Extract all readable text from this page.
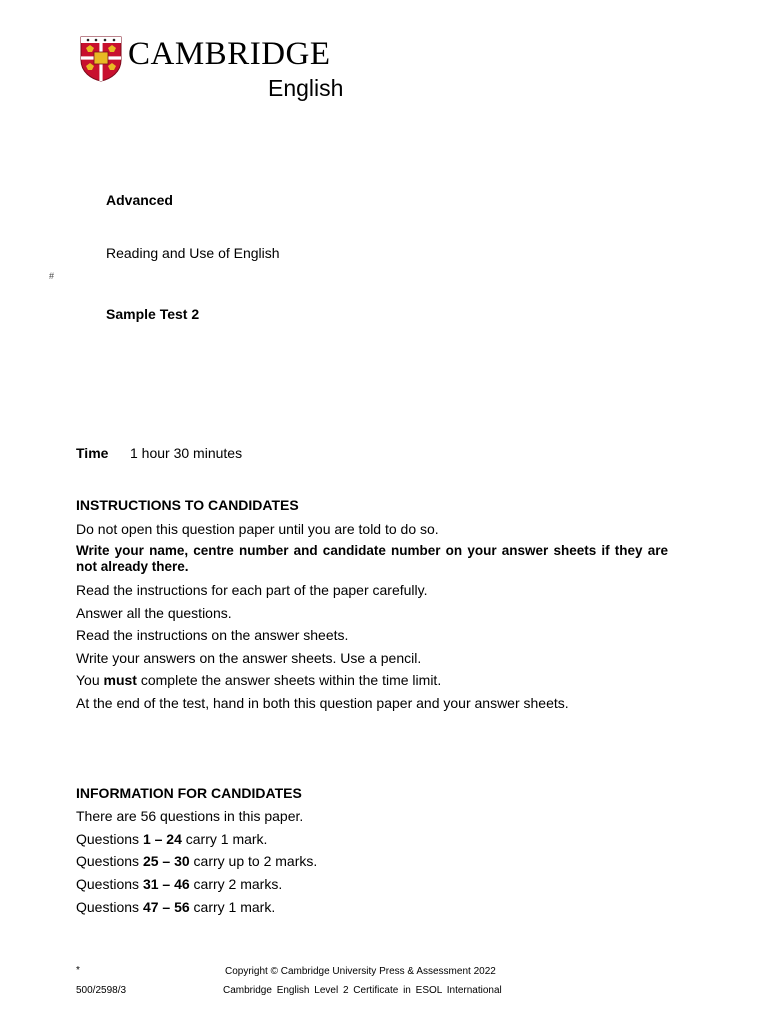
CAMBRIDGE
English
Advanced
Reading and Use of English
#
Sample Test 2
Time 1 hour 30 minutes
INSTRUCTIONS TO CANDIDATES
Do not open this question paper until you are told to do so.
Write your name, centre number and candidate number on your answer sheets if they are not already there.
Read the instructions for each part of the paper carefully.
Answer all the questions.
Read the instructions on the answer sheets.
Write your answers on the answer sheets. Use a pencil.
You must complete the answer sheets within the time limit.
At the end of the test, hand in both this question paper and your answer sheets.
INFORMATION FOR CANDIDATES
There are 56 questions in this paper.
Questions 1 – 24 carry 1 mark.
Questions 25 – 30 carry up to 2 marks.
Questions 31 – 46 carry 2 marks.
Questions 47 – 56 carry 1 mark.
*	Copyright © Cambridge University Press & Assessment 2022
500/2598/3	Cambridge English Level 2 Certificate in ESOL International
